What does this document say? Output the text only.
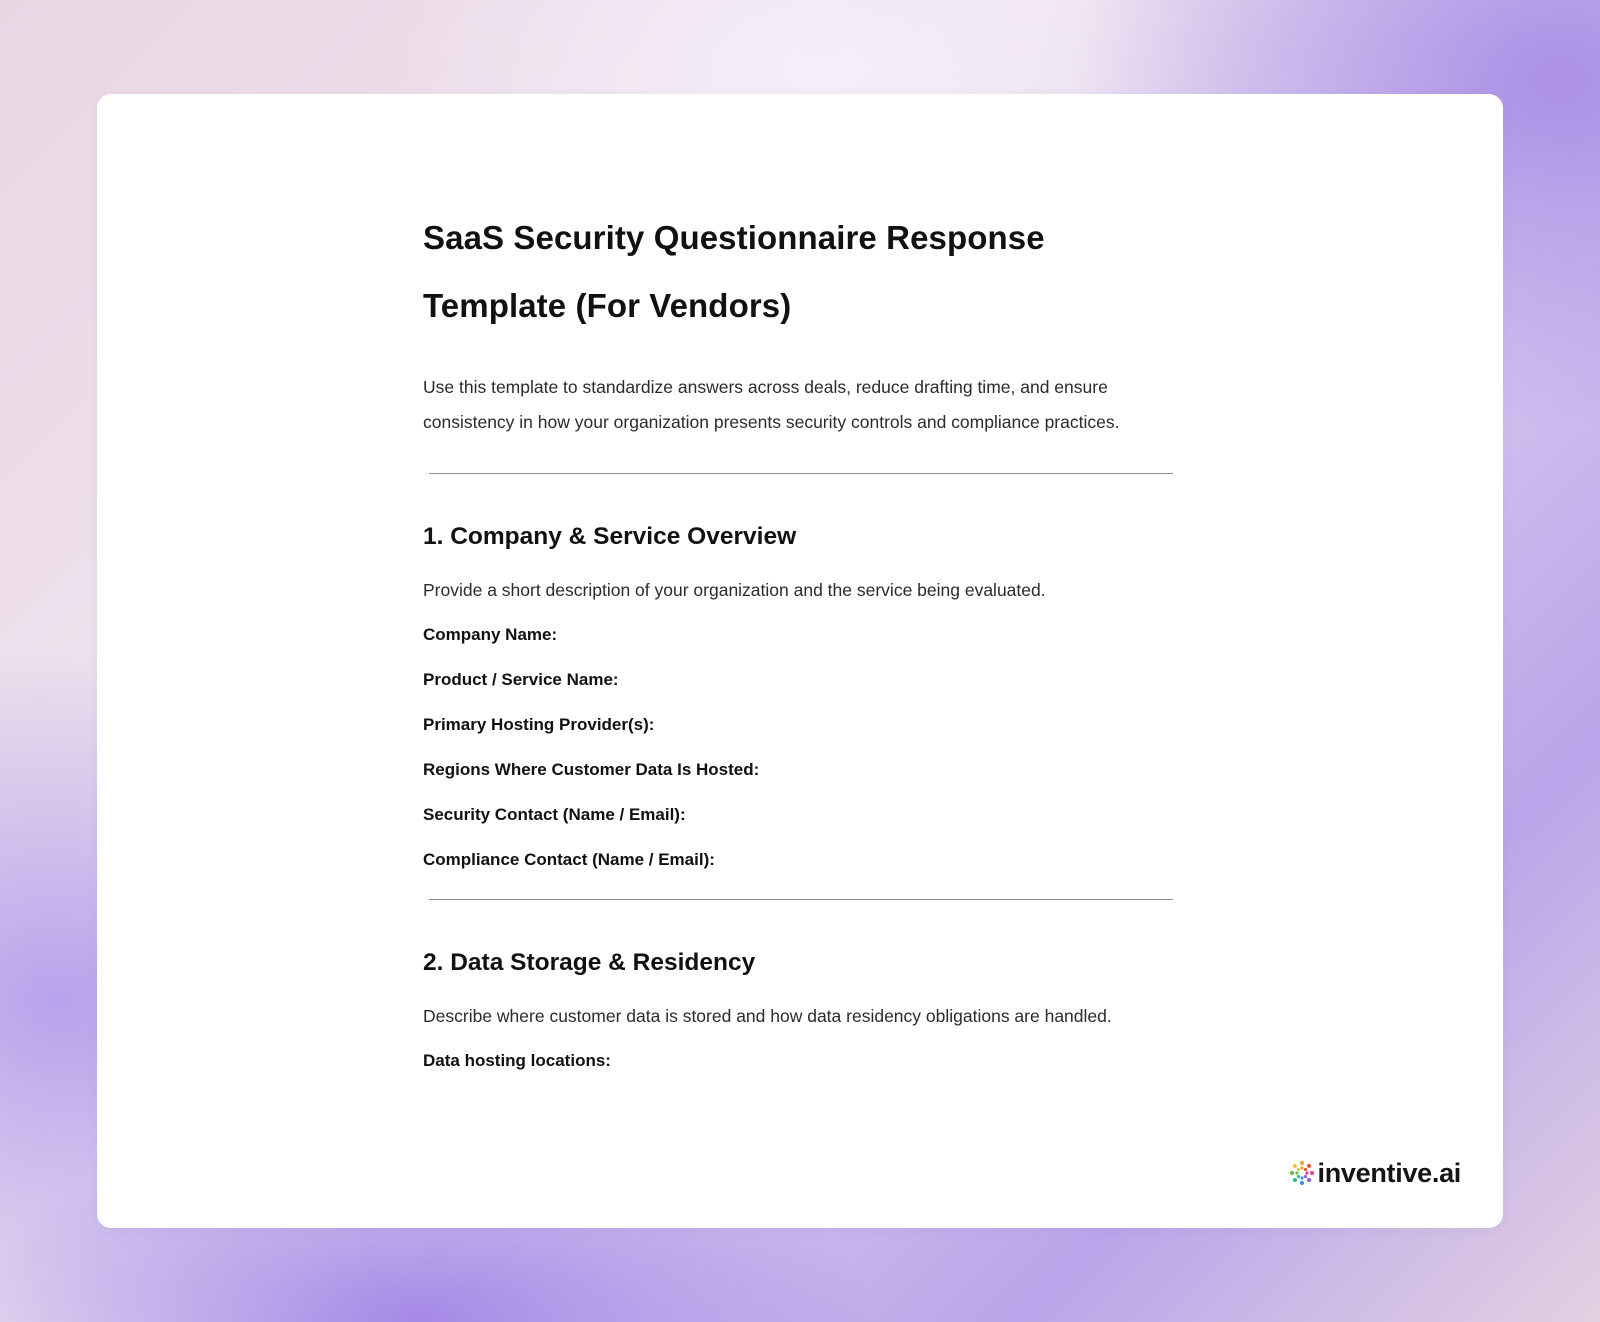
SaaS Security Questionnaire Response
Template (For Vendors)

Use this template to standardize answers across deals, reduce drafting time, and ensure consistency in how your organization presents security controls and compliance practices.

1. Company & Service Overview

Provide a short description of your organization and the service being evaluated.

Company Name:

Product / Service Name:

Primary Hosting Provider(s):

Regions Where Customer Data Is Hosted:

Security Contact (Name / Email):

Compliance Contact (Name / Email):

2. Data Storage & Residency

Describe where customer data is stored and how data residency obligations are handled.

Data hosting locations:

inventive.ai
